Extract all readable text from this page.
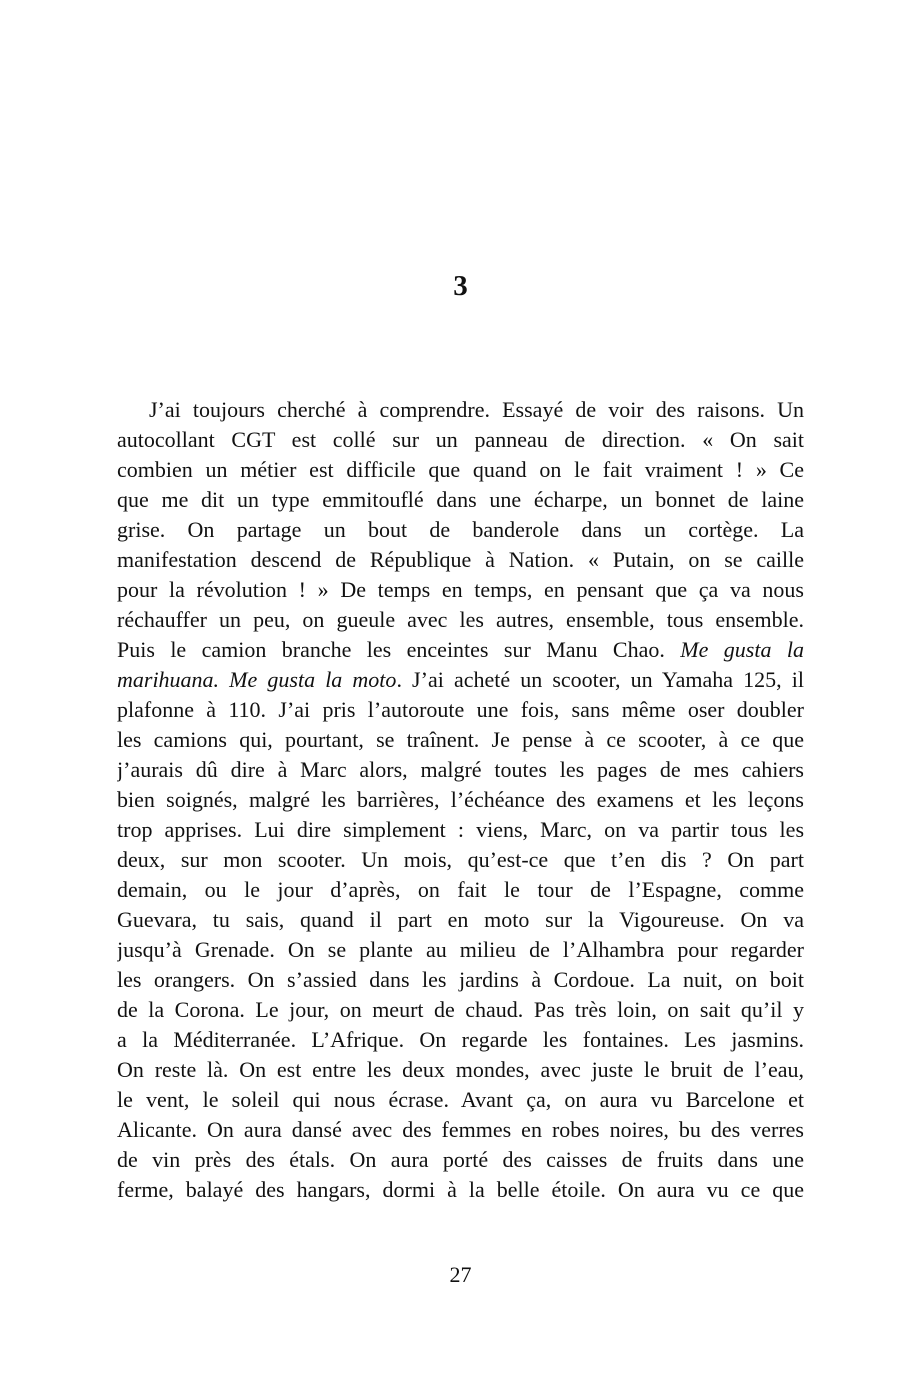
3
J’ai toujours cherché à comprendre. Essayé de voir des raisons. Un
autocollant CGT est collé sur un panneau de direction. « On sait
combien un métier est difficile que quand on le fait vraiment ! » Ce
que me dit un type emmitouflé dans une écharpe, un bonnet de laine
grise. On partage un bout de banderole dans un cortège. La
manifestation descend de République à Nation. « Putain, on se caille
pour la révolution ! » De temps en temps, en pensant que ça va nous
réchauffer un peu, on gueule avec les autres, ensemble, tous ensemble.
Puis le camion branche les enceintes sur Manu Chao. Me gusta la
marihuana. Me gusta la moto. J’ai acheté un scooter, un Yamaha 125, il
plafonne à 110. J’ai pris l’autoroute une fois, sans même oser doubler
les camions qui, pourtant, se traînent. Je pense à ce scooter, à ce que
j’aurais dû dire à Marc alors, malgré toutes les pages de mes cahiers
bien soignés, malgré les barrières, l’échéance des examens et les leçons
trop apprises. Lui dire simplement : viens, Marc, on va partir tous les
deux, sur mon scooter. Un mois, qu’est-ce que t’en dis ? On part
demain, ou le jour d’après, on fait le tour de l’Espagne, comme
Guevara, tu sais, quand il part en moto sur la Vigoureuse. On va
jusqu’à Grenade. On se plante au milieu de l’Alhambra pour regarder
les orangers. On s’assied dans les jardins à Cordoue. La nuit, on boit
de la Corona. Le jour, on meurt de chaud. Pas très loin, on sait qu’il y
a la Méditerranée. L’Afrique. On regarde les fontaines. Les jasmins.
On reste là. On est entre les deux mondes, avec juste le bruit de l’eau,
le vent, le soleil qui nous écrase. Avant ça, on aura vu Barcelone et
Alicante. On aura dansé avec des femmes en robes noires, bu des verres
de vin près des étals. On aura porté des caisses de fruits dans une
ferme, balayé des hangars, dormi à la belle étoile. On aura vu ce que
27
